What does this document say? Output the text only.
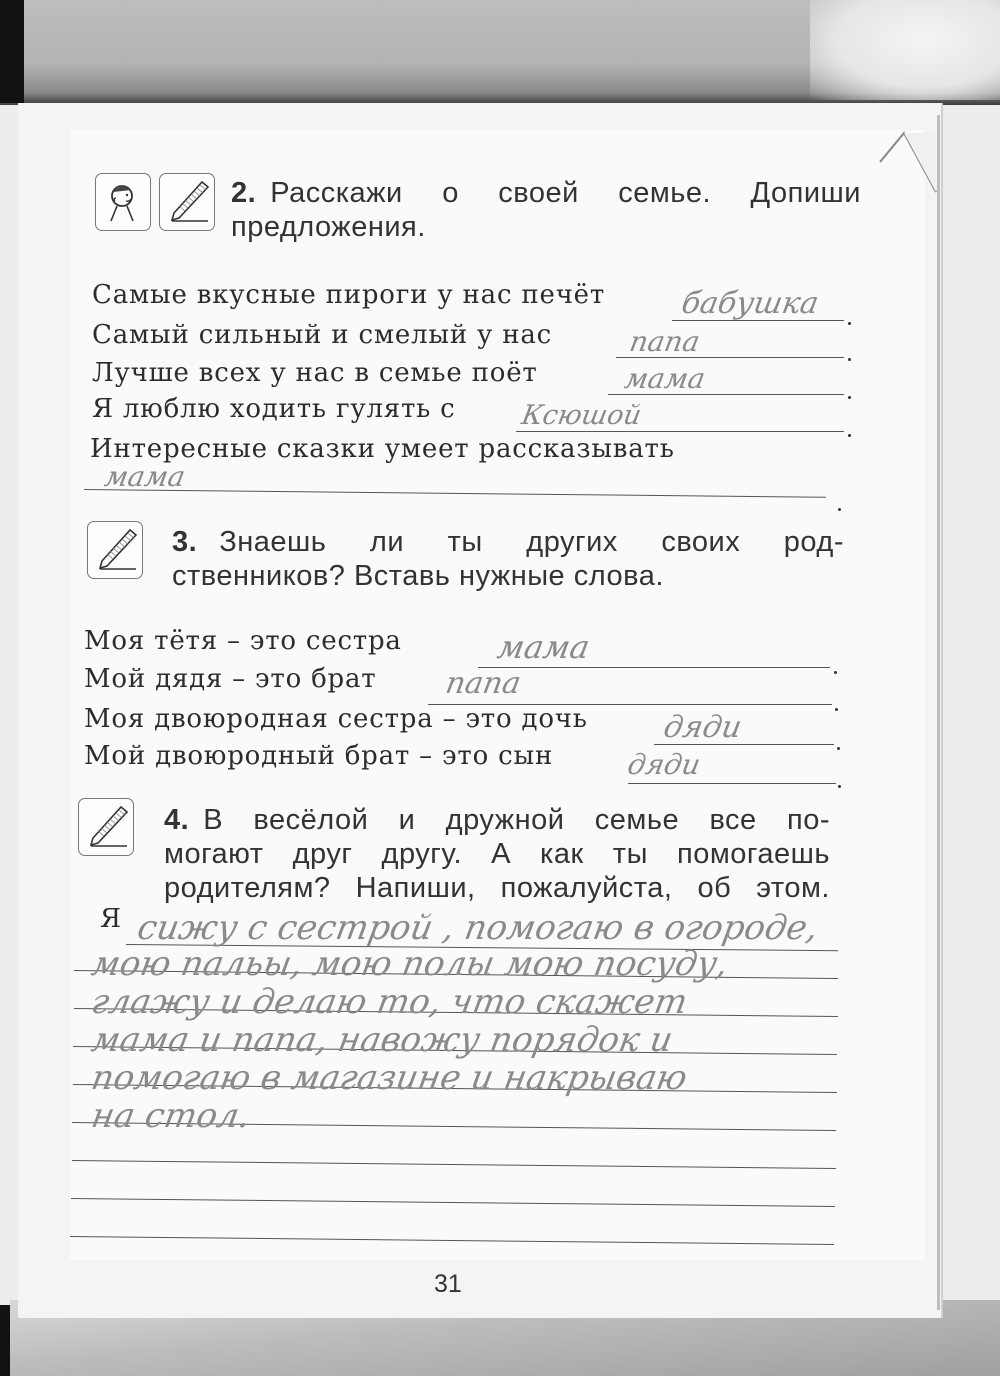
2. Расскажи о своей семье. Допиши
предложения.
Самые вкусные пироги у нас печёт бабушка
Самый сильный и смелый у нас	папа
Лучше всех у нас в семье поёт	мама
Я люблю ходить гулять с Ксюшой
Интересные сказки умеет рассказывать
мама
3. Знаешь ли ты других своих род-
ственников? Вставь нужные слова.
Моя тётя – это сестра	мама
Мой дядя – это брат папа
Моя двоюродная сестра – это дочь дяди
Мой двоюродный брат – это сын	дяди
4. В весёлой и дружной семье все по-
могают друг другу. А как ты помогаешь
родителям? Напиши, пожалуйста, об этом.
Я сижу с сестрой , помогаю в огороде,
мою пальы, мою полы мою посуду,
глажу и делаю то, что скажет
мама и папа, навожу порядок и
помогаю в магазине и накрываю
на стол.
31
